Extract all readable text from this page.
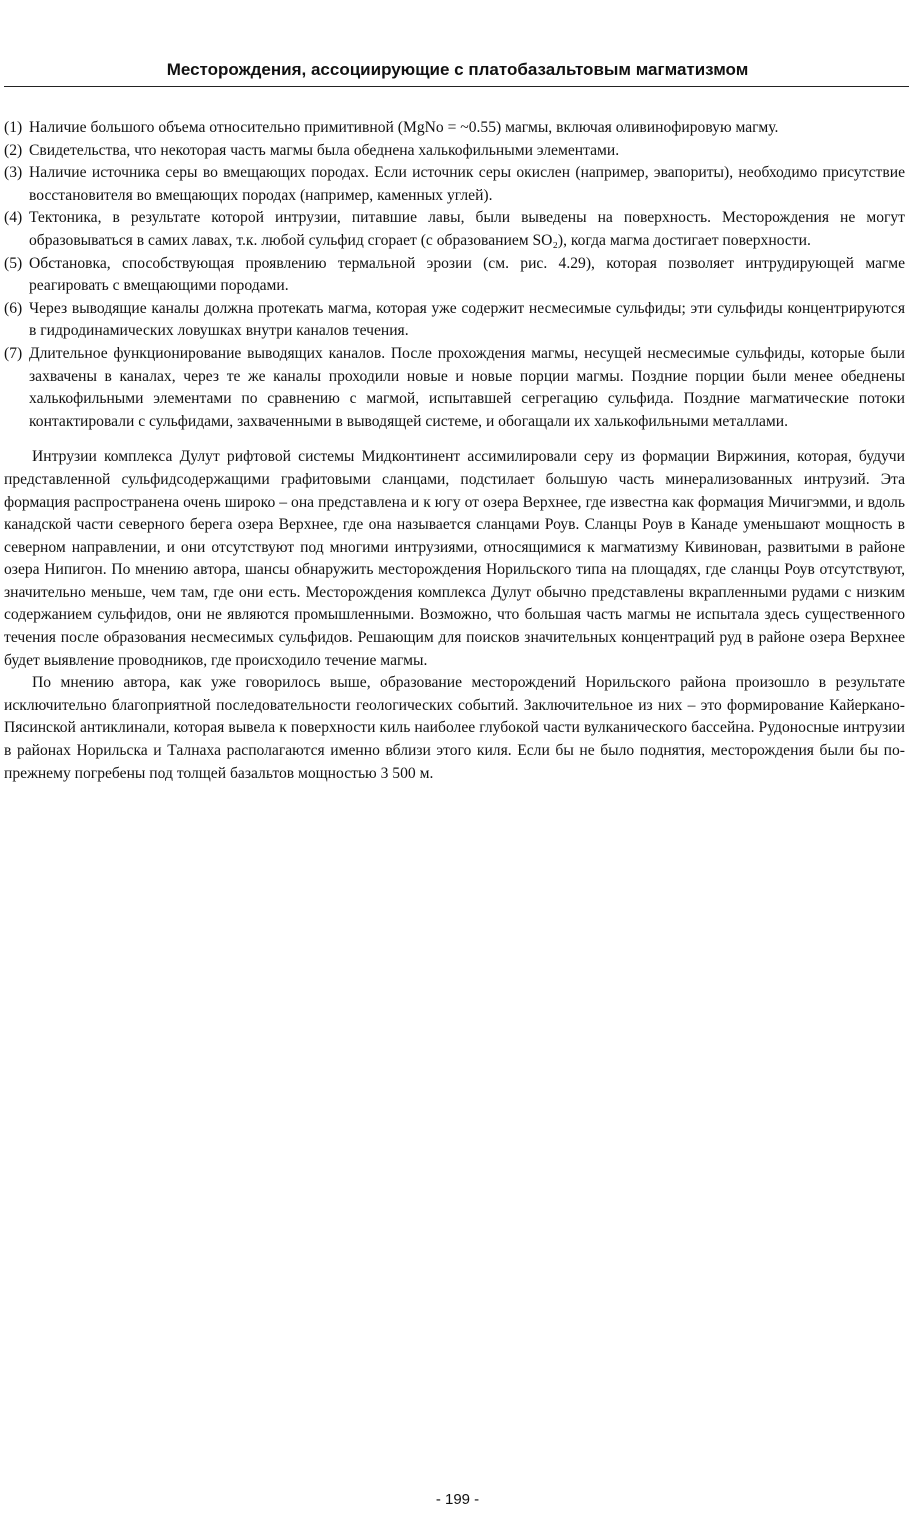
Месторождения, ассоциирующие с платобазальтовым магматизмом
(1) Наличие большого объема относительно примитивной (MgNo = ~0.55) магмы, включая оливинофировую магму.
(2) Свидетельства, что некоторая часть магмы была обеднена халькофильными элементами.
(3) Наличие источника серы во вмещающих породах. Если источник серы окислен (например, эвапориты), необходимо присутствие восстановителя во вмещающих породах (например, каменных углей).
(4) Тектоника, в результате которой интрузии, питавшие лавы, были выведены на поверхность. Месторождения не могут образовываться в самих лавах, т.к. любой сульфид сгорает (с образованием SO₂), когда магма достигает поверхности.
(5) Обстановка, способствующая проявлению термальной эрозии (см. рис. 4.29), которая позволяет интрудирующей магме реагировать с вмещающими породами.
(6) Через выводящие каналы должна протекать магма, которая уже содержит несмесимые сульфиды; эти сульфиды концентрируются в гидродинамических ловушках внутри каналов течения.
(7) Длительное функционирование выводящих каналов. После прохождения магмы, несущей несмесимые сульфиды, которые были захвачены в каналах, через те же каналы проходили новые и новые порции магмы. Поздние порции были менее обеднены халькофильными элементами по сравнению с магмой, испытавшей сегрегацию сульфида. Поздние магматические потоки контактировали с сульфидами, захваченными в выводящей системе, и обогащали их халькофильными металлами.

Интрузии комплекса Дулут рифтовой системы Мидконтинент ассимилировали серу из формации Виржиния, которая, будучи представленной сульфидсодержащими графитовыми сланцами, подстилает большую часть минерализованных интрузий. Эта формация распространена очень широко – она представлена и к югу от озера Верхнее, где известна как формация Мичигэмми, и вдоль канадской части северного берега озера Верхнее, где она называется сланцами Роув. Сланцы Роув в Канаде уменьшают мощность в северном направлении, и они отсутствуют под многими интрузиями, относящимися к магматизму Кивинован, развитыми в районе озера Нипигон. По мнению автора, шансы обнаружить месторождения Норильского типа на площадях, где сланцы Роув отсутствуют, значительно меньше, чем там, где они есть. Месторождения комплекса Дулут обычно представлены вкрапленными рудами с низким содержанием сульфидов, они не являются промышленными. Возможно, что большая часть магмы не испытала здесь существенного течения после образования несмесимых сульфидов. Решающим для поисков значительных концентраций руд в районе озера Верхнее будет выявление проводников, где происходило течение магмы.

По мнению автора, как уже говорилось выше, образование месторождений Норильского района произошло в результате исключительно благоприятной последовательности геологических событий. Заключительное из них – это формирование Кайеркано-Пясинской антиклинали, которая вывела к поверхности киль наиболее глубокой части вулканического бассейна. Рудоносные интрузии в районах Норильска и Талнаха располагаются именно вблизи этого киля. Если бы не было поднятия, месторождения были бы по-прежнему погребены под толщей базальтов мощностью 3 500 м.

- 199 -
